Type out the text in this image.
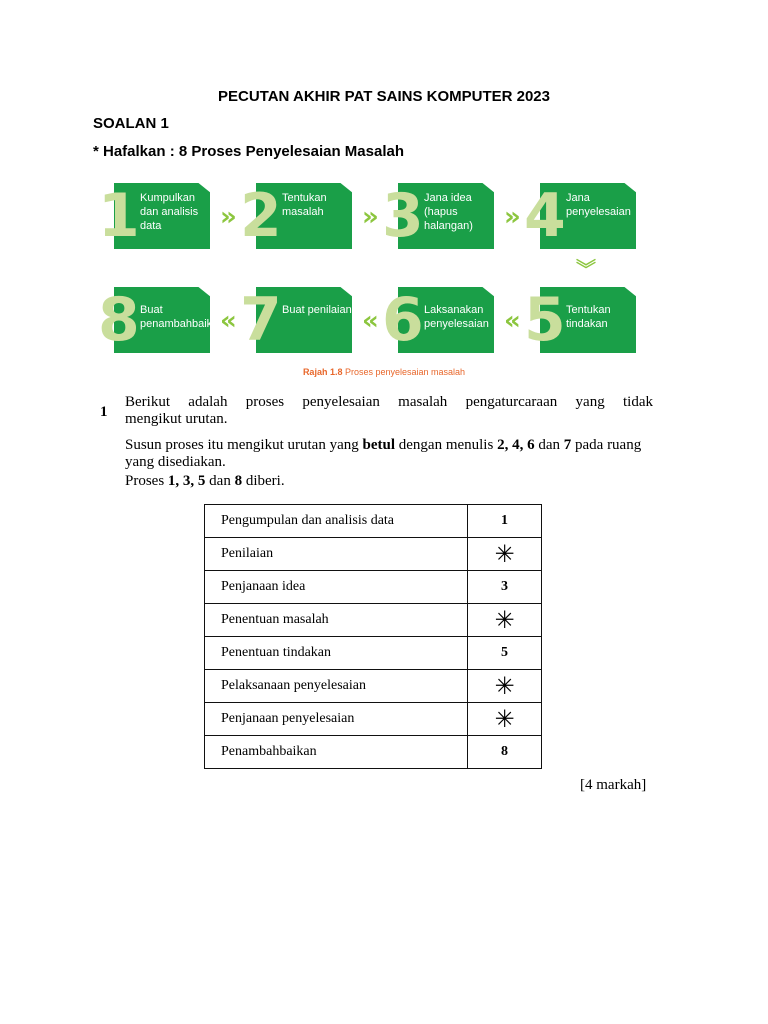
PECUTAN AKHIR PAT SAINS KOMPUTER 2023
SOALAN 1
* Hafalkan : 8 Proses Penyelesaian Masalah
1 Kumpulkan dan analisis data	» 2 Tentukan masalah	» 3 Jana idea (hapus halangan)	» 4 Jana penyelesaian
︾
8 Buat penambahbaikan
« 7 Buat penilaian « 6 Laksanakan penyelesaian « 5 Tentukan tindakan
Rajah 1.8 Proses penyelesaian masalah
1
Berikut adalah proses penyelesaian masalah pengaturcaraan yang tidak
mengikut urutan.
Susun proses itu mengikut urutan yang betul dengan menulis 2, 4, 6 dan 7 pada ruang
yang disediakan.
Proses 1, 3, 5 dan 8 diberi.
Pengumpulan dan analisis data	1
Penilaian	✳
Penjanaan idea	3
Penentuan masalah	✳
Penentuan tindakan	5
Pelaksanaan penyelesaian	✳
Penjanaan penyelesaian	✳
Penambahbaikan	8
[4 markah]
